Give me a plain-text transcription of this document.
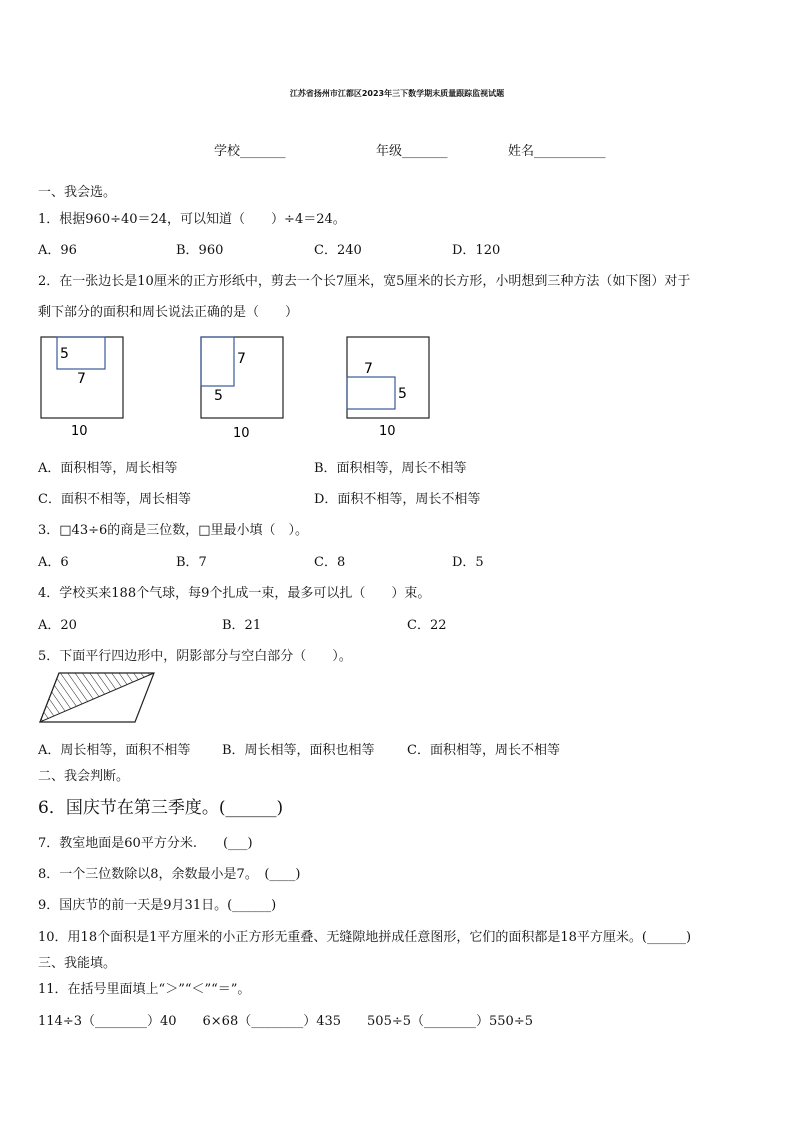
江苏省扬州市江都区2023年三下数学期末质量跟踪监视试题
学校_______	年级_______	姓名___________
一、我会选。
1．根据960÷40＝24，可以知道（　　）÷4＝24。
A．96	B．960	C．240	D．120
2．在一张边长是10厘米的正方形纸中，剪去一个长7厘米，宽5厘米的长方形，小明想到三种方法（如下图）对于
剩下部分的面积和周长说法正确的是（　　）
5
7
10
7
5
10
7
5
10
A．面积相等，周长相等	B．面积相等，周长不相等
C．面积不相等，周长相等	D．面积不相等，周长不相等
3．□43÷6的商是三位数，□里最小填（　）。
A．6	B．7	C．8	D．5
4．学校买来188个气球，每9个扎成一束，最多可以扎（　　）束。
A．20	B．21	C．22
5．下面平行四边形中，阴影部分与空白部分（　　）。
A．周长相等，面积不相等 B．周长相等，面积也相等 C．面积相等，周长不相等
二、我会判断。
6．国庆节在第三季度。(______)
7．教室地面是60平方分米.　　(___)
8．一个三位数除以8，余数最小是7。　(____)
9．国庆节的前一天是9月31日。(______)
10．用18个面积是1平方厘米的小正方形无重叠、无缝隙地拼成任意图形，它们的面积都是18平方厘米。(______)
三、我能填。
11．在括号里面填上“＞”“＜”“＝”。
114÷3（________）40　　6×68（________）435　　505÷5（________）550÷5
